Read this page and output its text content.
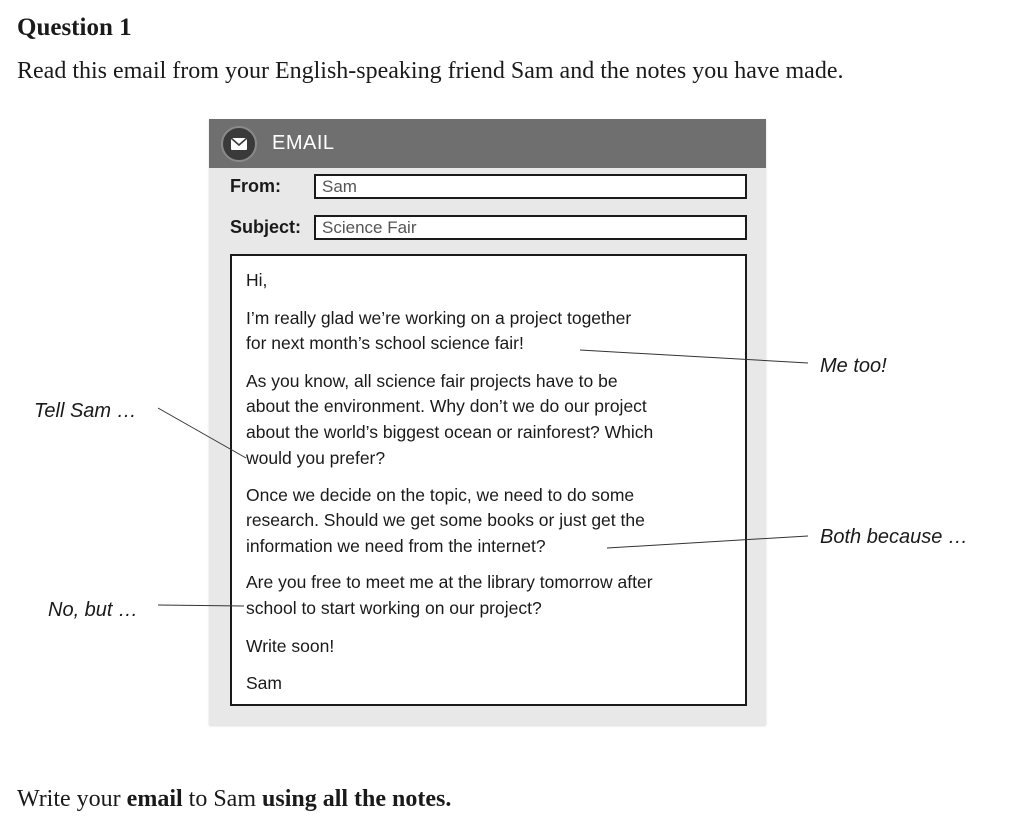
Question 1

Read this email from your English-speaking friend Sam and the notes you have made.

EMAIL
From:	Sam
Subject:	Science Fair

Hi,

I’m really glad we’re working on a project together

for next month’s school science fair!

As you know, all science fair projects have to be

about the environment. Why don’t we do our project

about the world’s biggest ocean or rainforest? Which

would you prefer?

Once we decide on the topic, we need to do some

research. Should we get some books or just get the

information we need from the internet?

Are you free to meet me at the library tomorrow after

school to start working on our project?

Write soon!

Sam

Me too!
Tell Sam …
Both because …
No, but …

Write your email to Sam using all the notes.
